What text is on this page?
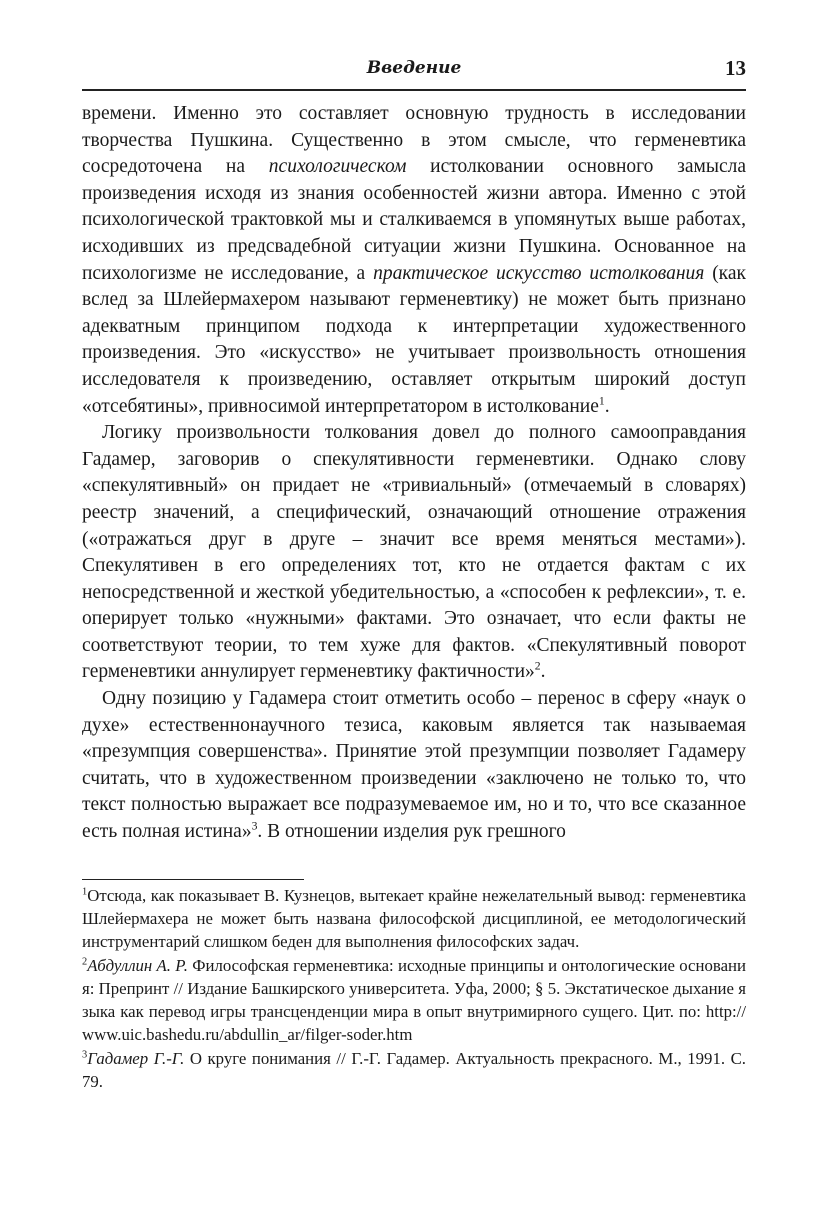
Введение	13

времени. Именно это составляет основную трудность в исследовании творчества Пушкина. Существенно в этом смысле, что герменевтика сосредоточена на психологическом истолковании основного замысла произведения исходя из знания особенностей жизни автора. Именно с этой психологической трактовкой мы и сталкиваемся в упомянутых выше работах, исходивших из предсвадебной ситуации жизни Пушкина. Основанное на психологизме не исследование, а практическое искусство истолкования (как вслед за Шлейермахером называют герменевтику) не может быть признано адекватным принципом подхода к интерпретации художественного произведения. Это «искусство» не учитывает произвольность отношения исследователя к произведению, оставляет открытым широкий доступ «отсебятины», привносимой интерпретатором в истолкование$^1$.

Логику произвольности толкования довел до полного самооправдания Гадамер, заговорив о спекулятивности герменевтики. Однако слову «спекулятивный» он придает не «тривиальный» (отмечаемый в словарях) реестр значений, а специфический, означающий отношение отражения («отражаться друг в друге – значит все время меняться местами»). Спекулятивен в его определениях тот, кто не отдается фактам с их непосредственной и жесткой убедительностью, а «способен к рефлексии», т. е. оперирует только «нужными» фактами. Это означает, что если факты не соответствуют теории, то тем хуже для фактов. «Спекулятивный поворот герменевтики аннулирует герменевтику фактичности»$^2$.

Одну позицию у Гадамера стоит отметить особо – перенос в сферу «наук о духе» естественнонаучного тезиса, каковым является так называемая «презумпция совершенства». Принятие этой презумпции позволяет Гадамеру считать, что в художественном произведении «заключено не только то, что текст полностью выражает все подразумеваемое им, но и то, что все сказанное есть полная истина»$^3$. В отношении изделия рук грешного

$^1$Отсюда, как показывает В. Кузнецов, вытекает крайне нежелательный вывод: герменевтика Шлейермахера не может быть названа философской дисциплиной, ее методологический инструментарий слишком беден для выполнения философских задач.

$^2$Абдуллин А. Р. Философская герменевтика: исходные принципы и онтологические основания: Препринт // Издание Башкирского университета. Уфа, 2000; § 5. Экстатическое дыхание языка как перевод игры трансценденции мира в опыт внутримирного сущего. Цит. по: http://www.uic.bashedu.ru/abdullin_ar/filger-soder.htm

$^3$Гадамер Г.-Г. О круге понимания // Г.-Г. Гадамер. Актуальность прекрасного. М., 1991. С. 79.
